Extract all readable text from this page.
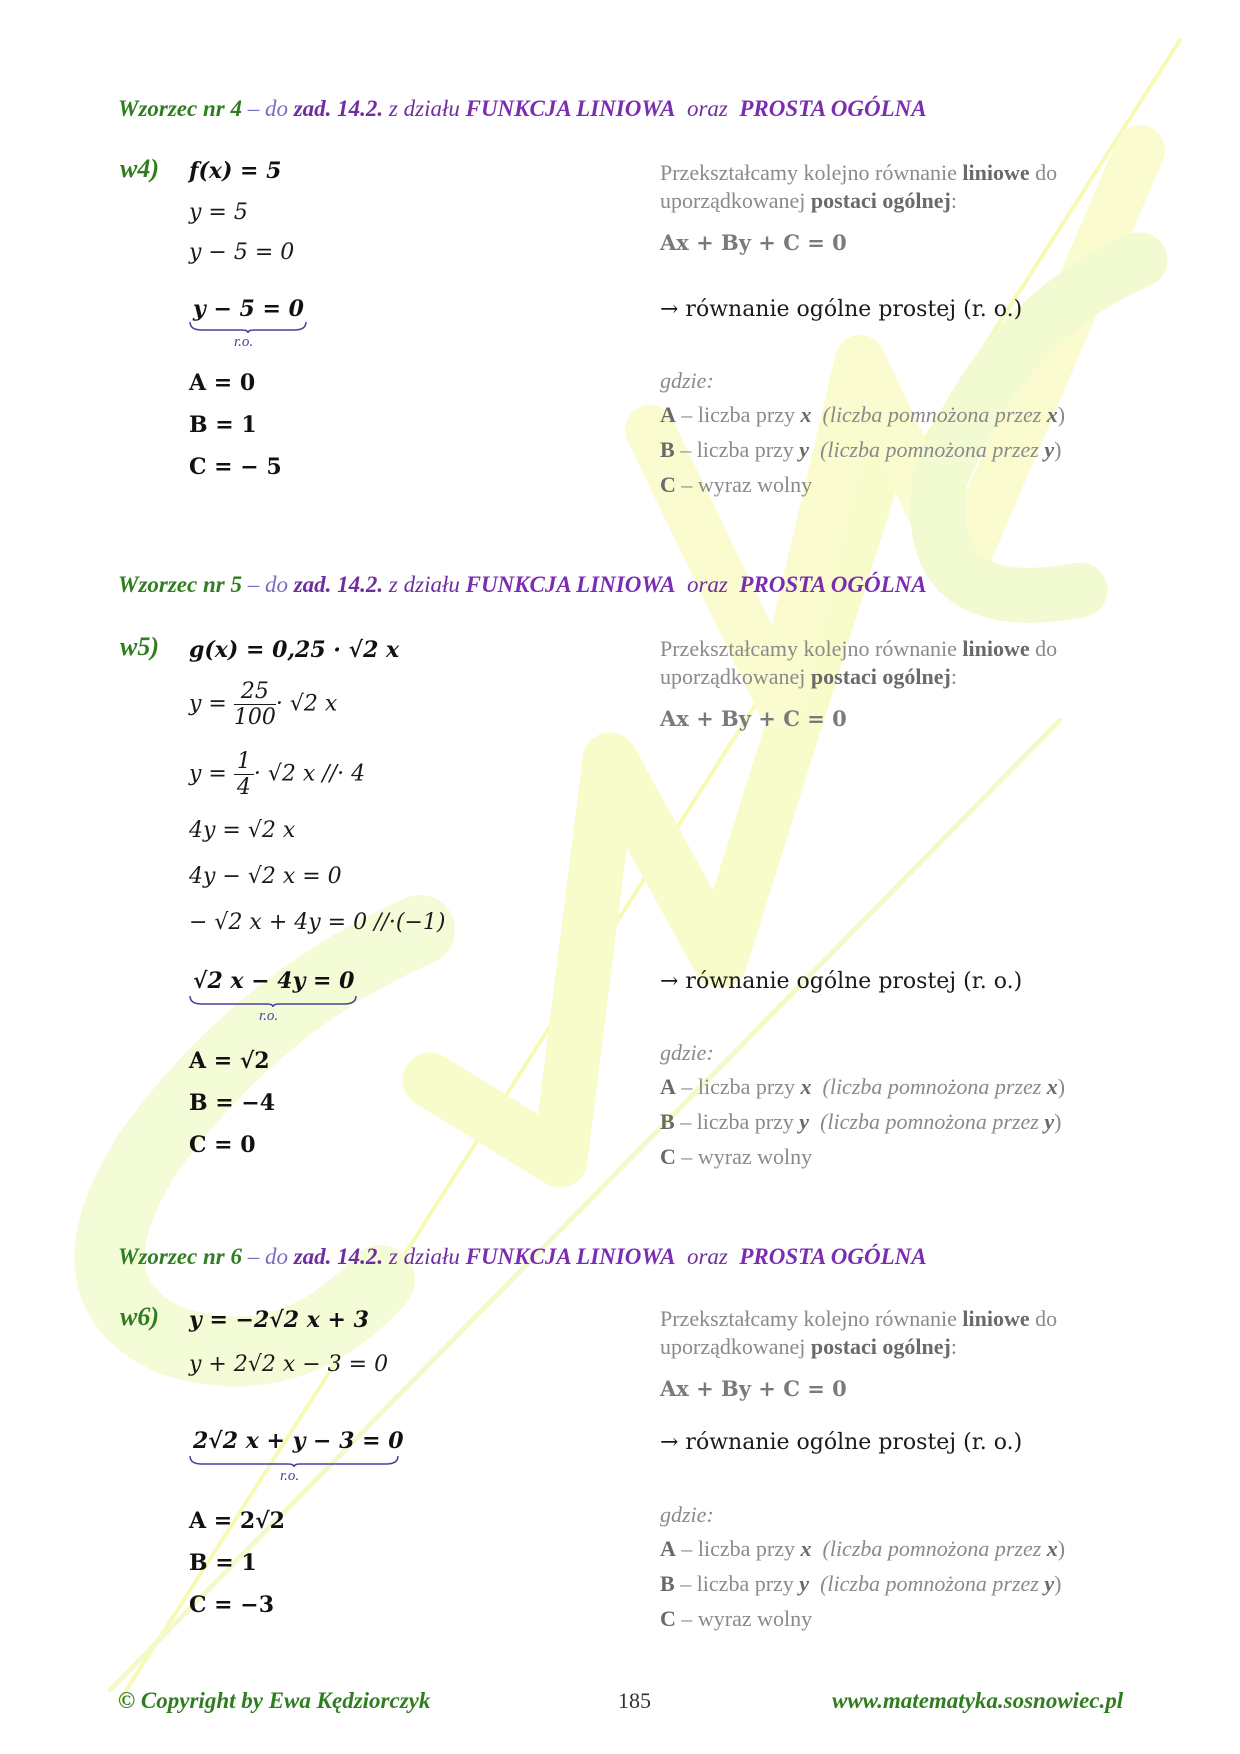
Wzorzec nr 4 – do zad. 14.2. z działu FUNKCJA LINIOWA oraz PROSTA OGÓLNA
w4) f(x) = 5
y = 5
y − 5 = 0
y − 5 = 0
r.o.
A = 0
B = 1
C = − 5
Przekształcamy kolejno równanie liniowe do
uporządkowanej postaci ogólnej:
Ax + By + C = 0
→ równanie ogólne prostej (r. o.)
gdzie:
A – liczba przy x (liczba pomnożona przez x)
B – liczba przy y (liczba pomnożona przez y)
C – wyraz wolny
Wzorzec nr 5 – do zad. 14.2. z działu FUNKCJA LINIOWA oraz PROSTA OGÓLNA
w5) g(x) = 0,25 · √2 x
$y = \frac{25}{100} \cdot √2$ x
$y = \frac{1}{4} \cdot √2$ x //· 4
4y = √2 x
4y − √2 x = 0
− √2 x + 4y = 0 //·(−1)
√2 x − 4y = 0
r.o.
A = √2
B = −4
C = 0
Przekształcamy kolejno równanie liniowe do
uporządkowanej postaci ogólnej:
Ax + By + C = 0
→ równanie ogólne prostej (r. o.)
gdzie:
A – liczba przy x (liczba pomnożona przez x)
B – liczba przy y (liczba pomnożona przez y)
C – wyraz wolny
Wzorzec nr 6 – do zad. 14.2. z działu FUNKCJA LINIOWA oraz PROSTA OGÓLNA
w6) y = −2√2 x + 3
y + 2√2 x − 3 = 0
2√2 x + y − 3 = 0
r.o.
A = 2√2
B = 1
C = −3
Przekształcamy kolejno równanie liniowe do
uporządkowanej postaci ogólnej:
Ax + By + C = 0
→ równanie ogólne prostej (r. o.)
gdzie:
A – liczba przy x (liczba pomnożona przez x)
B – liczba przy y (liczba pomnożona przez y)
C – wyraz wolny
© Copyright by Ewa Kędziorczyk	185	www.matematyka.sosnowiec.pl
